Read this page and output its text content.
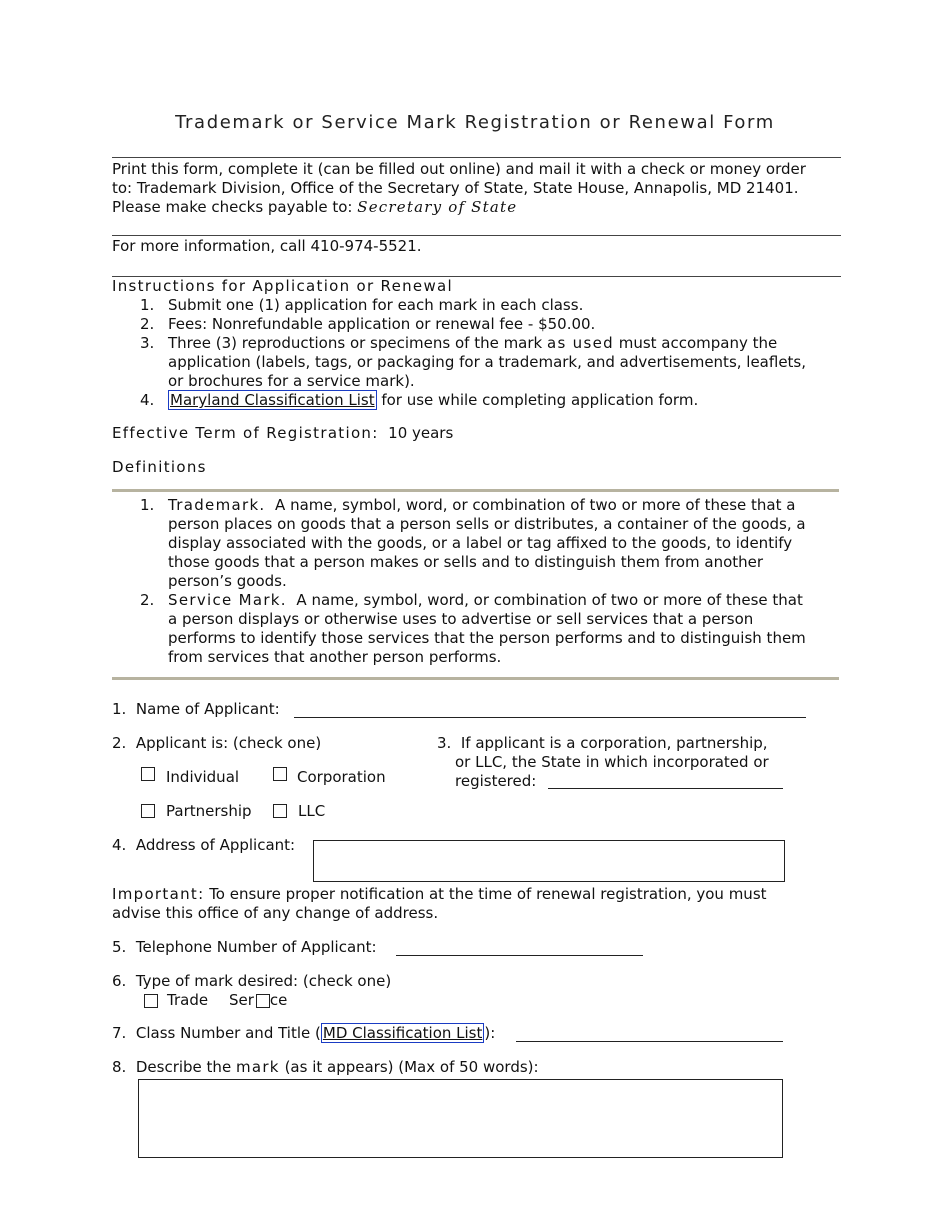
Trademark or Service Mark Registration or Renewal Form
Print this form, complete it (can be filled out online) and mail it with a check or money order
to: Trademark Division, Office of the Secretary of State, State House, Annapolis, MD 21401.
Please make checks payable to: Secretary of State
For more information, call 410-974-5521.
Instructions for Application or Renewal
1. Submit one (1) application for each mark in each class.
2. Fees: Nonrefundable application or renewal fee - $50.00.
3. Three (3) reproductions or specimens of the mark as used must accompany the
application (labels, tags, or packaging for a trademark, and advertisements, leaflets,
or brochures for a service mark).
4. Maryland Classification List for use while completing application form.
Effective Term of Registration: 10 years
Definitions
1. Trademark. A name, symbol, word, or combination of two or more of these that a
person places on goods that a person sells or distributes, a container of the goods, a
display associated with the goods, or a label or tag affixed to the goods, to identify
those goods that a person makes or sells and to distinguish them from another
person’s goods.
2. Service Mark. A name, symbol, word, or combination of two or more of these that
a person displays or otherwise uses to advertise or sell services that a person
performs to identify those services that the person performs and to distinguish them
from services that another person performs.
1. Name of Applicant:
2. Applicant is: (check one)
Individual	Corporation
Partnership	LLC
3. If applicant is a corporation, partnership,
or LLC, the State in which incorporated or
registered:
4. Address of Applicant:
Important: To ensure proper notification at the time of renewal registration, you must
advise this office of any change of address.
5. Telephone Number of Applicant:
6. Type of mark desired: (check one)
Trade Ser ce
7. Class Number and Title ( MD Classification List ):
8. Describe the mark (as it appears) (Max of 50 words):
